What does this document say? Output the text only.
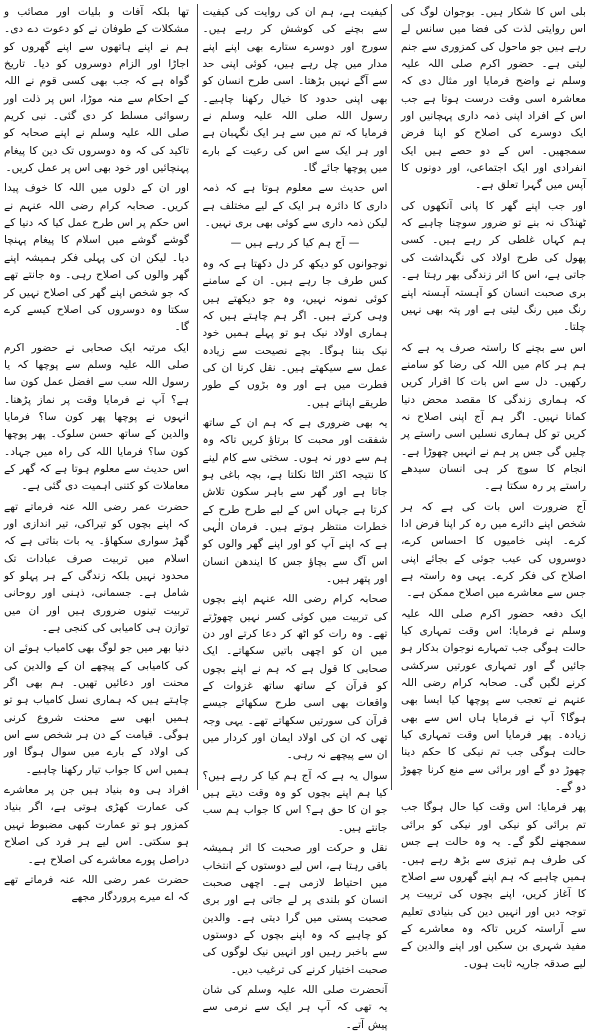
بلی اس کا شکار ہیں۔ بوجوان لوگ کی اس روایتی لذت کی فضا میں سانس لے رہے ہیں جو ماحول کی کمزوری سے جنم لیتی ہے۔ حضور اکرم صلی اللہ علیہ وسلم نے واضح فرمایا اور مثال دی کہ معاشرہ اسی وقت درست ہوتا ہے جب اس کے افراد اپنی ذمہ داری پہچانیں اور ایک دوسرے کی اصلاح کو اپنا فرض سمجھیں۔ اس کے دو حصے ہیں ایک انفرادی اور ایک اجتماعی، اور دونوں کا آپس میں گہرا تعلق ہے۔

اور جب اپنے گھر کا پانی آنکھوں کی ٹھنڈک نہ بنے تو ضرور سوچنا چاہیے کہ ہم کہاں غلطی کر رہے ہیں۔ کسی پھول کی طرح اولاد کی نگہداشت کی جاتی ہے، اس کا اثر زندگی بھر رہتا ہے۔ بری صحبت انسان کو آہستہ آہستہ اپنے رنگ میں رنگ لیتی ہے اور پتہ بھی نہیں چلتا۔

اس سے بچنے کا راستہ صرف یہ ہے کہ ہم ہر کام میں اللہ کی رضا کو سامنے رکھیں۔ دل سے اس بات کا اقرار کریں کہ ہماری زندگی کا مقصد محض دنیا کمانا نہیں۔ اگر ہم آج اپنی اصلاح نہ کریں تو کل ہماری نسلیں اسی راستے پر چلیں گی جس پر ہم نے انہیں چھوڑا ہے۔ انجام کا سوچ کر ہی انسان سیدھے راستے پر رہ سکتا ہے۔

آج ضرورت اس بات کی ہے کہ ہر شخص اپنے دائرے میں رہ کر اپنا فرض ادا کرے۔ اپنی خامیوں کا احساس کرے، دوسروں کی عیب جوئی کے بجائے اپنی اصلاح کی فکر کرے۔ یہی وہ راستہ ہے جس سے معاشرے میں اصلاح ممکن ہے۔

ایک دفعہ حضور اکرم صلی اللہ علیہ وسلم نے فرمایا: اس وقت تمہاری کیا حالت ہوگی جب تمہارے نوجوان بدکار ہو جائیں گے اور تمہاری عورتیں سرکشی کرنے لگیں گی۔ صحابہ کرام رضی اللہ عنہم نے تعجب سے پوچھا کیا ایسا بھی ہوگا؟ آپ نے فرمایا ہاں اس سے بھی زیادہ۔ پھر فرمایا اس وقت تمہاری کیا حالت ہوگی جب تم نیکی کا حکم دینا چھوڑ دو گے اور برائی سے منع کرنا چھوڑ دو گے۔

پھر فرمایا: اس وقت کیا حال ہوگا جب تم برائی کو نیکی اور نیکی کو برائی سمجھنے لگو گے۔ یہ وہ حالت ہے جس کی طرف ہم تیزی سے بڑھ رہے ہیں۔ ہمیں چاہیے کہ ہم اپنے گھروں سے اصلاح کا آغاز کریں، اپنے بچوں کی تربیت پر توجہ دیں اور انہیں دین کی بنیادی تعلیم سے آراستہ کریں تاکہ وہ معاشرے کے مفید شہری بن سکیں اور اپنے والدین کے لیے صدقہ جاریہ ثابت ہوں۔

کیفیت ہے، ہم ان کی روایت کی کیفیت سے بچنے کی کوشش کر رہے ہیں۔ سورج اور دوسرے ستارے بھی اپنے اپنے مدار میں چل رہے ہیں، کوئی اپنی حد سے آگے نہیں بڑھتا۔ اسی طرح انسان کو بھی اپنی حدود کا خیال رکھنا چاہیے۔ رسول اللہ صلی اللہ علیہ وسلم نے فرمایا کہ تم میں سے ہر ایک نگہبان ہے اور ہر ایک سے اس کی رعیت کے بارے میں پوچھا جائے گا۔

اس حدیث سے معلوم ہوتا ہے کہ ذمہ داری کا دائرہ ہر ایک کے لیے مختلف ہے لیکن ذمہ داری سے کوئی بھی بری نہیں۔

— آج ہم کیا کر رہے ہیں —

نوجوانوں کو دیکھ کر دل دکھتا ہے کہ وہ کس طرف جا رہے ہیں۔ ان کے سامنے کوئی نمونہ نہیں، وہ جو دیکھتے ہیں وہی کرتے ہیں۔ اگر ہم چاہتے ہیں کہ ہماری اولاد نیک ہو تو پہلے ہمیں خود نیک بننا ہوگا۔ بچے نصیحت سے زیادہ عمل سے سیکھتے ہیں۔ نقل کرنا ان کی فطرت میں ہے اور وہ بڑوں کے طور طریقے اپناتے ہیں۔

یہ بھی ضروری ہے کہ ہم ان کے ساتھ شفقت اور محبت کا برتاؤ کریں تاکہ وہ ہم سے دور نہ ہوں۔ سختی سے کام لینے کا نتیجہ اکثر الٹا نکلتا ہے، بچہ باغی ہو جاتا ہے اور گھر سے باہر سکون تلاش کرتا ہے جہاں اس کے لیے طرح طرح کے خطرات منتظر ہوتے ہیں۔ فرمان الٰہی ہے کہ اپنے آپ کو اور اپنے گھر والوں کو اس آگ سے بچاؤ جس کا ایندھن انسان اور پتھر ہیں۔

صحابہ کرام رضی اللہ عنہم اپنے بچوں کی تربیت میں کوئی کسر نہیں چھوڑتے تھے۔ وہ رات کو اٹھ کر دعا کرتے اور دن میں ان کو اچھی باتیں سکھاتے۔ ایک صحابی کا قول ہے کہ ہم نے اپنے بچوں کو قرآن کے ساتھ ساتھ غزوات کے واقعات بھی اسی طرح سکھائے جیسے قرآن کی سورتیں سکھاتے تھے۔ یہی وجہ تھی کہ ان کی اولاد ایمان اور کردار میں ان سے پیچھے نہ رہی۔

سوال یہ ہے کہ آج ہم کیا کر رہے ہیں؟ کیا ہم اپنے بچوں کو وہ وقت دیتے ہیں جو ان کا حق ہے؟ اس کا جواب ہم سب جانتے ہیں۔

نقل و حرکت اور صحبت کا اثر ہمیشہ باقی رہتا ہے، اس لیے دوستوں کے انتخاب میں احتیاط لازمی ہے۔ اچھی صحبت انسان کو بلندی پر لے جاتی ہے اور بری صحبت پستی میں گرا دیتی ہے۔ والدین کو چاہیے کہ وہ اپنے بچوں کے دوستوں سے باخبر رہیں اور انہیں نیک لوگوں کی صحبت اختیار کرنے کی ترغیب دیں۔

آنحضرت صلی اللہ علیہ وسلم کی شان یہ تھی کہ آپ ہر ایک سے نرمی سے پیش آتے۔

تھا بلکہ آفات و بلیات اور مصائب و مشکلات کے طوفان نے کو دعوت دے دی۔ ہم نے اپنے ہاتھوں سے اپنے گھروں کو اجاڑا اور الزام دوسروں کو دیا۔ تاریخ گواہ ہے کہ جب بھی کسی قوم نے اللہ کے احکام سے منہ موڑا، اس پر ذلت اور رسوائی مسلط کر دی گئی۔ نبی کریم صلی اللہ علیہ وسلم نے اپنے صحابہ کو تاکید کی کہ وہ دوسروں تک دین کا پیغام پہنچائیں اور خود بھی اس پر عمل کریں۔

اور ان کے دلوں میں اللہ کا خوف پیدا کریں۔ صحابہ کرام رضی اللہ عنہم نے اس حکم پر اس طرح عمل کیا کہ دنیا کے گوشے گوشے میں اسلام کا پیغام پہنچا دیا۔ لیکن ان کی پہلی فکر ہمیشہ اپنے گھر والوں کی اصلاح رہی۔ وہ جانتے تھے کہ جو شخص اپنے گھر کی اصلاح نہیں کر سکتا وہ دوسروں کی اصلاح کیسے کرے گا۔

ایک مرتبہ ایک صحابی نے حضور اکرم صلی اللہ علیہ وسلم سے پوچھا کہ یا رسول اللہ سب سے افضل عمل کون سا ہے؟ آپ نے فرمایا وقت پر نماز پڑھنا۔ انہوں نے پوچھا پھر کون سا؟ فرمایا والدین کے ساتھ حسن سلوک۔ پھر پوچھا کون سا؟ فرمایا اللہ کی راہ میں جہاد۔ اس حدیث سے معلوم ہوتا ہے کہ گھر کے معاملات کو کتنی اہمیت دی گئی ہے۔

حضرت عمر رضی اللہ عنہ فرماتے تھے کہ اپنے بچوں کو تیراکی، تیر اندازی اور گھڑ سواری سکھاؤ۔ یہ بات بتاتی ہے کہ اسلام میں تربیت صرف عبادات تک محدود نہیں بلکہ زندگی کے ہر پہلو کو شامل ہے۔ جسمانی، ذہنی اور روحانی تربیت تینوں ضروری ہیں اور ان میں توازن ہی کامیابی کی کنجی ہے۔

دنیا بھر میں جو لوگ بھی کامیاب ہوئے ان کی کامیابی کے پیچھے ان کے والدین کی محنت اور دعائیں تھیں۔ ہم بھی اگر چاہتے ہیں کہ ہماری نسل کامیاب ہو تو ہمیں ابھی سے محنت شروع کرنی ہوگی۔ قیامت کے دن ہر شخص سے اس کی اولاد کے بارے میں سوال ہوگا اور ہمیں اس کا جواب تیار رکھنا چاہیے۔

افراد ہی وہ بنیاد ہیں جن پر معاشرے کی عمارت کھڑی ہوتی ہے، اگر بنیاد کمزور ہو تو عمارت کبھی مضبوط نہیں ہو سکتی۔ اس لیے ہر فرد کی اصلاح دراصل پورے معاشرے کی اصلاح ہے۔

حضرت عمر رضی اللہ عنہ فرماتے تھے کہ اے میرے پروردگار مجھے
